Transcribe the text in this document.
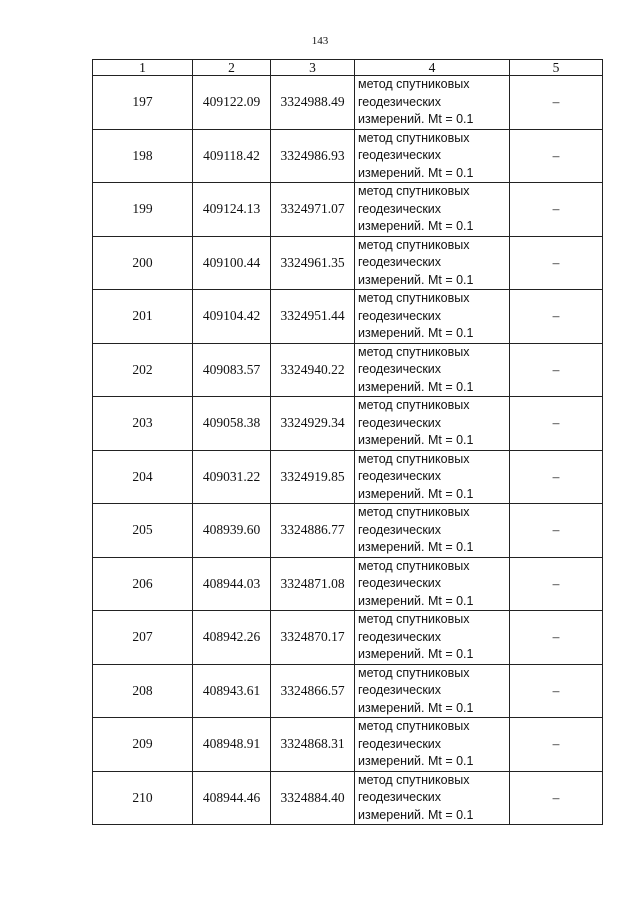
143
1	2	3	4	5
197	409122.09	3324988.49	метод спутниковых
геодезических
измерений. Mt = 0.1	–
198	409118.42	3324986.93	метод спутниковых
геодезических
измерений. Mt = 0.1	–
199	409124.13	3324971.07	метод спутниковых
геодезических
измерений. Mt = 0.1	–
200	409100.44	3324961.35	метод спутниковых
геодезических
измерений. Mt = 0.1	–
201	409104.42	3324951.44	метод спутниковых
геодезических
измерений. Mt = 0.1	–
202	409083.57	3324940.22	метод спутниковых
геодезических
измерений. Mt = 0.1	–
203	409058.38	3324929.34	метод спутниковых
геодезических
измерений. Mt = 0.1	–
204	409031.22	3324919.85	метод спутниковых
геодезических
измерений. Mt = 0.1	–
205	408939.60	3324886.77	метод спутниковых
геодезических
измерений. Mt = 0.1	–
206	408944.03	3324871.08	метод спутниковых
геодезических
измерений. Mt = 0.1	–
207	408942.26	3324870.17	метод спутниковых
геодезических
измерений. Mt = 0.1	–
208	408943.61	3324866.57	метод спутниковых
геодезических
измерений. Mt = 0.1	–
209	408948.91	3324868.31	метод спутниковых
геодезических
измерений. Mt = 0.1	–
210	408944.46	3324884.40	метод спутниковых
геодезических
измерений. Mt = 0.1	–
